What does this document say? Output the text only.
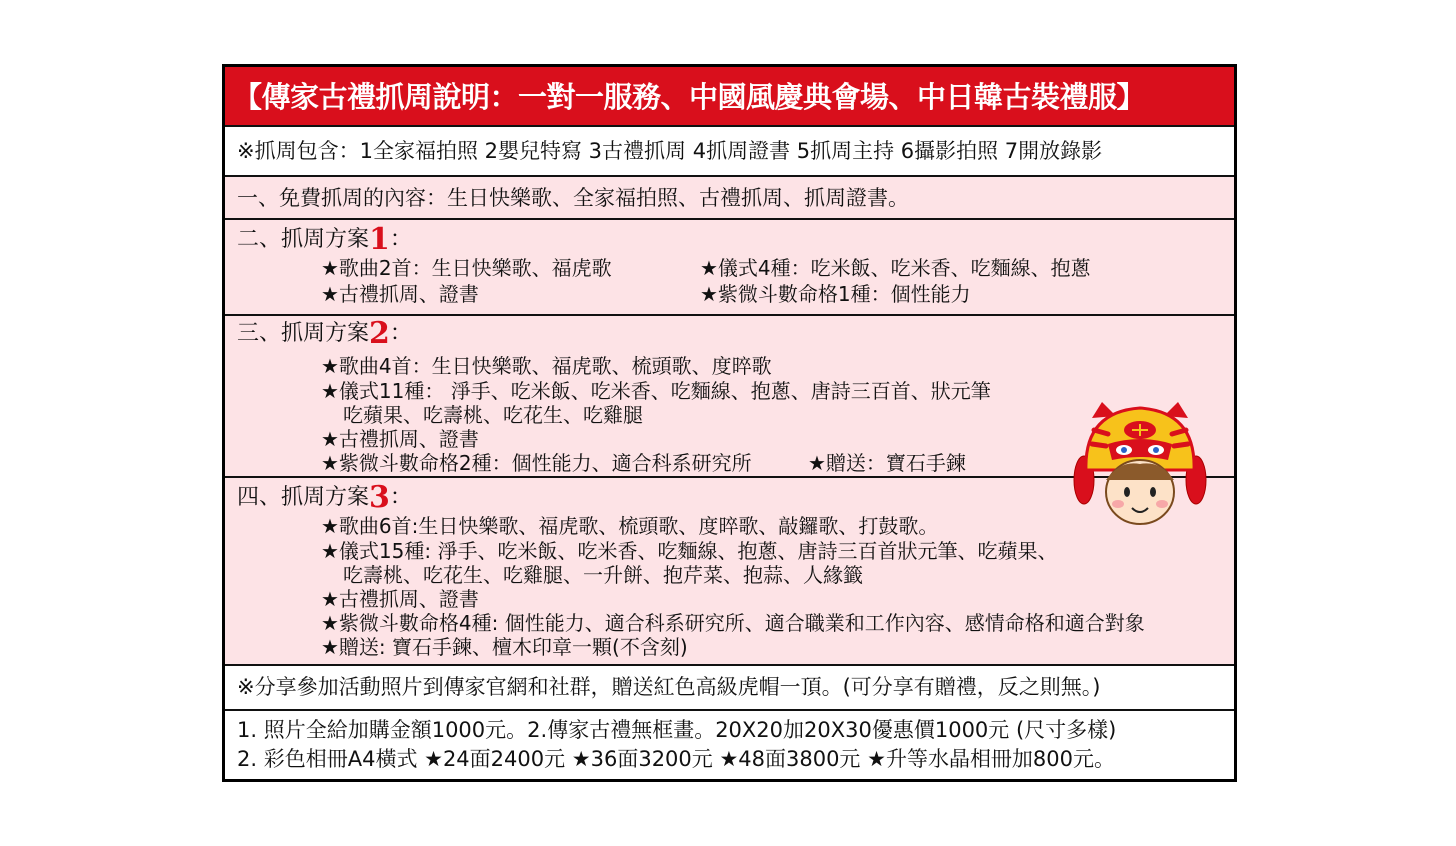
【傳家古禮抓周說明：一對一服務、中國風慶典會場、中日韓古裝禮服】
※抓周包含：1全家福拍照 2嬰兒特寫 3古禮抓周 4抓周證書 5抓周主持 6攝影拍照 7開放錄影
一、免費抓周的內容：生日快樂歌、全家福拍照、古禮抓周、抓周證書。
二、抓周方案1：
★歌曲2首：生日快樂歌、福虎歌	★儀式4種：吃米飯、吃米香、吃麵線、抱蔥
★古禮抓周、證書	★紫微斗數命格1種：個性能力
三、抓周方案2：
★歌曲4首：生日快樂歌、福虎歌、梳頭歌、度晬歌
★儀式11種： 淨手、吃米飯、吃米香、吃麵線、抱蔥、唐詩三百首、狀元筆
吃蘋果、吃壽桃、吃花生、吃雞腿
★古禮抓周、證書
★紫微斗數命格2種：個性能力、適合科系研究所	★贈送：寶石手鍊
四、抓周方案3：
★歌曲6首:生日快樂歌、福虎歌、梳頭歌、度晬歌、敲鑼歌、打鼓歌。
★儀式15種: 淨手、吃米飯、吃米香、吃麵線、抱蔥、唐詩三百首狀元筆、吃蘋果、
吃壽桃、吃花生、吃雞腿、一升餅、抱芹菜、抱蒜、人緣籤
★古禮抓周、證書
★紫微斗數命格4種: 個性能力、適合科系研究所、適合職業和工作內容、感情命格和適合對象
★贈送: 寶石手鍊、檀木印章一顆(不含刻)
※分享參加活動照片到傳家官網和社群，贈送紅色高級虎帽一頂。(可分享有贈禮，反之則無。)
1. 照片全給加購金額1000元。2.傳家古禮無框畫。20X20加20X30優惠價1000元 (尺寸多樣)
2. 彩色相冊A4橫式 ★24面2400元 ★36面3200元 ★48面3800元 ★升等水晶相冊加800元。
